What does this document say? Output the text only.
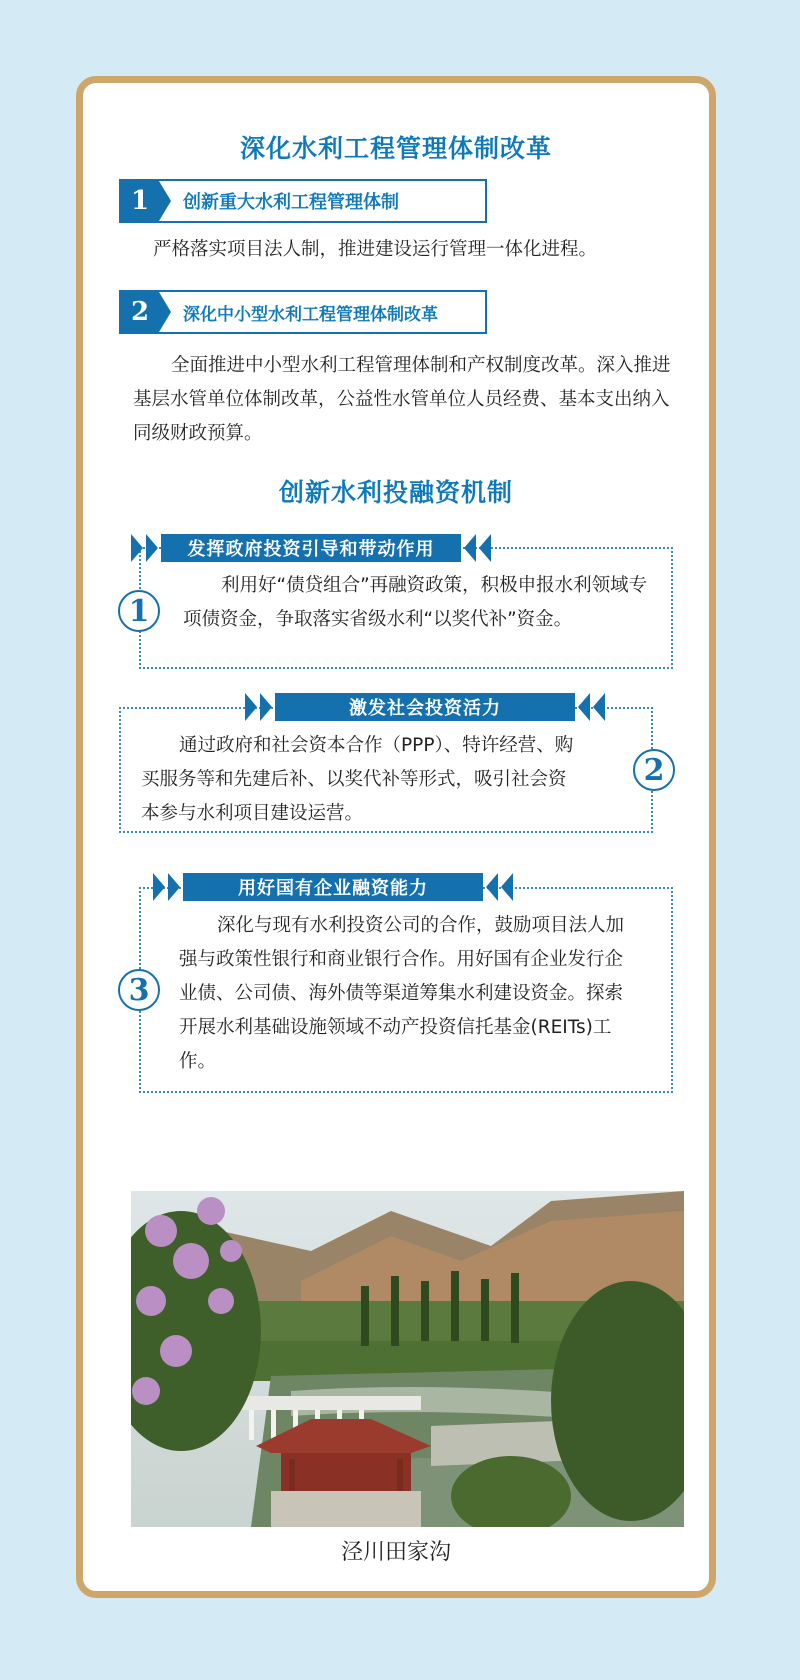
深化水利工程管理体制改革
1	创新重大水利工程管理体制
严格落实项目法人制，推进建设运行管理一体化进程。
2	深化中小型水利工程管理体制改革
全面推进中小型水利工程管理体制和产权制度改革。深入推进基层水管单位体制改革，公益性水管单位人员经费、基本支出纳入同级财政预算。
创新水利投融资机制
发挥政府投资引导和带动作用
1
利用好“债贷组合”再融资政策，积极申报水利领域专项债资金，争取落实省级水利“以奖代补”资金。
激发社会投资活力
2
通过政府和社会资本合作（PPP）、特许经营、购买服务等和先建后补、以奖代补等形式，吸引社会资本参与水利项目建设运营。
用好国有企业融资能力
3
深化与现有水利投资公司的合作，鼓励项目法人加强与政策性银行和商业银行合作。用好国有企业发行企业债、公司债、海外债等渠道筹集水利建设资金。探索开展水利基础设施领域不动产投资信托基金(REITs)工作。
泾川田家沟
